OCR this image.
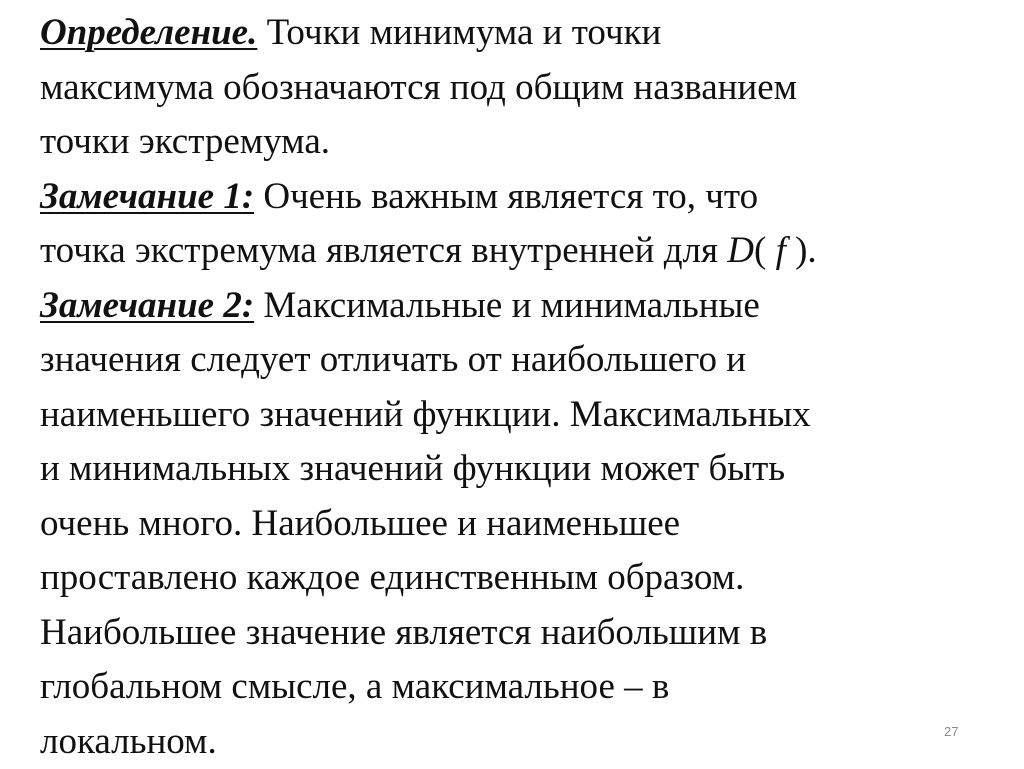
Определение. Точки минимума и точки
максимума обозначаются под общим названием
точки экстремума.
Замечание 1: Очень важным является то, что
точка экстремума является внутренней для D( f ).
Замечание 2: Максимальные и минимальные
значения следует отличать от наибольшего и
наименьшего значений функции. Максимальных
и минимальных значений функции может быть
очень много. Наибольшее и наименьшее
проставлено каждое единственным образом.
Наибольшее значение является наибольшим в
глобальном смысле, а максимальное – в
локальном.	27
